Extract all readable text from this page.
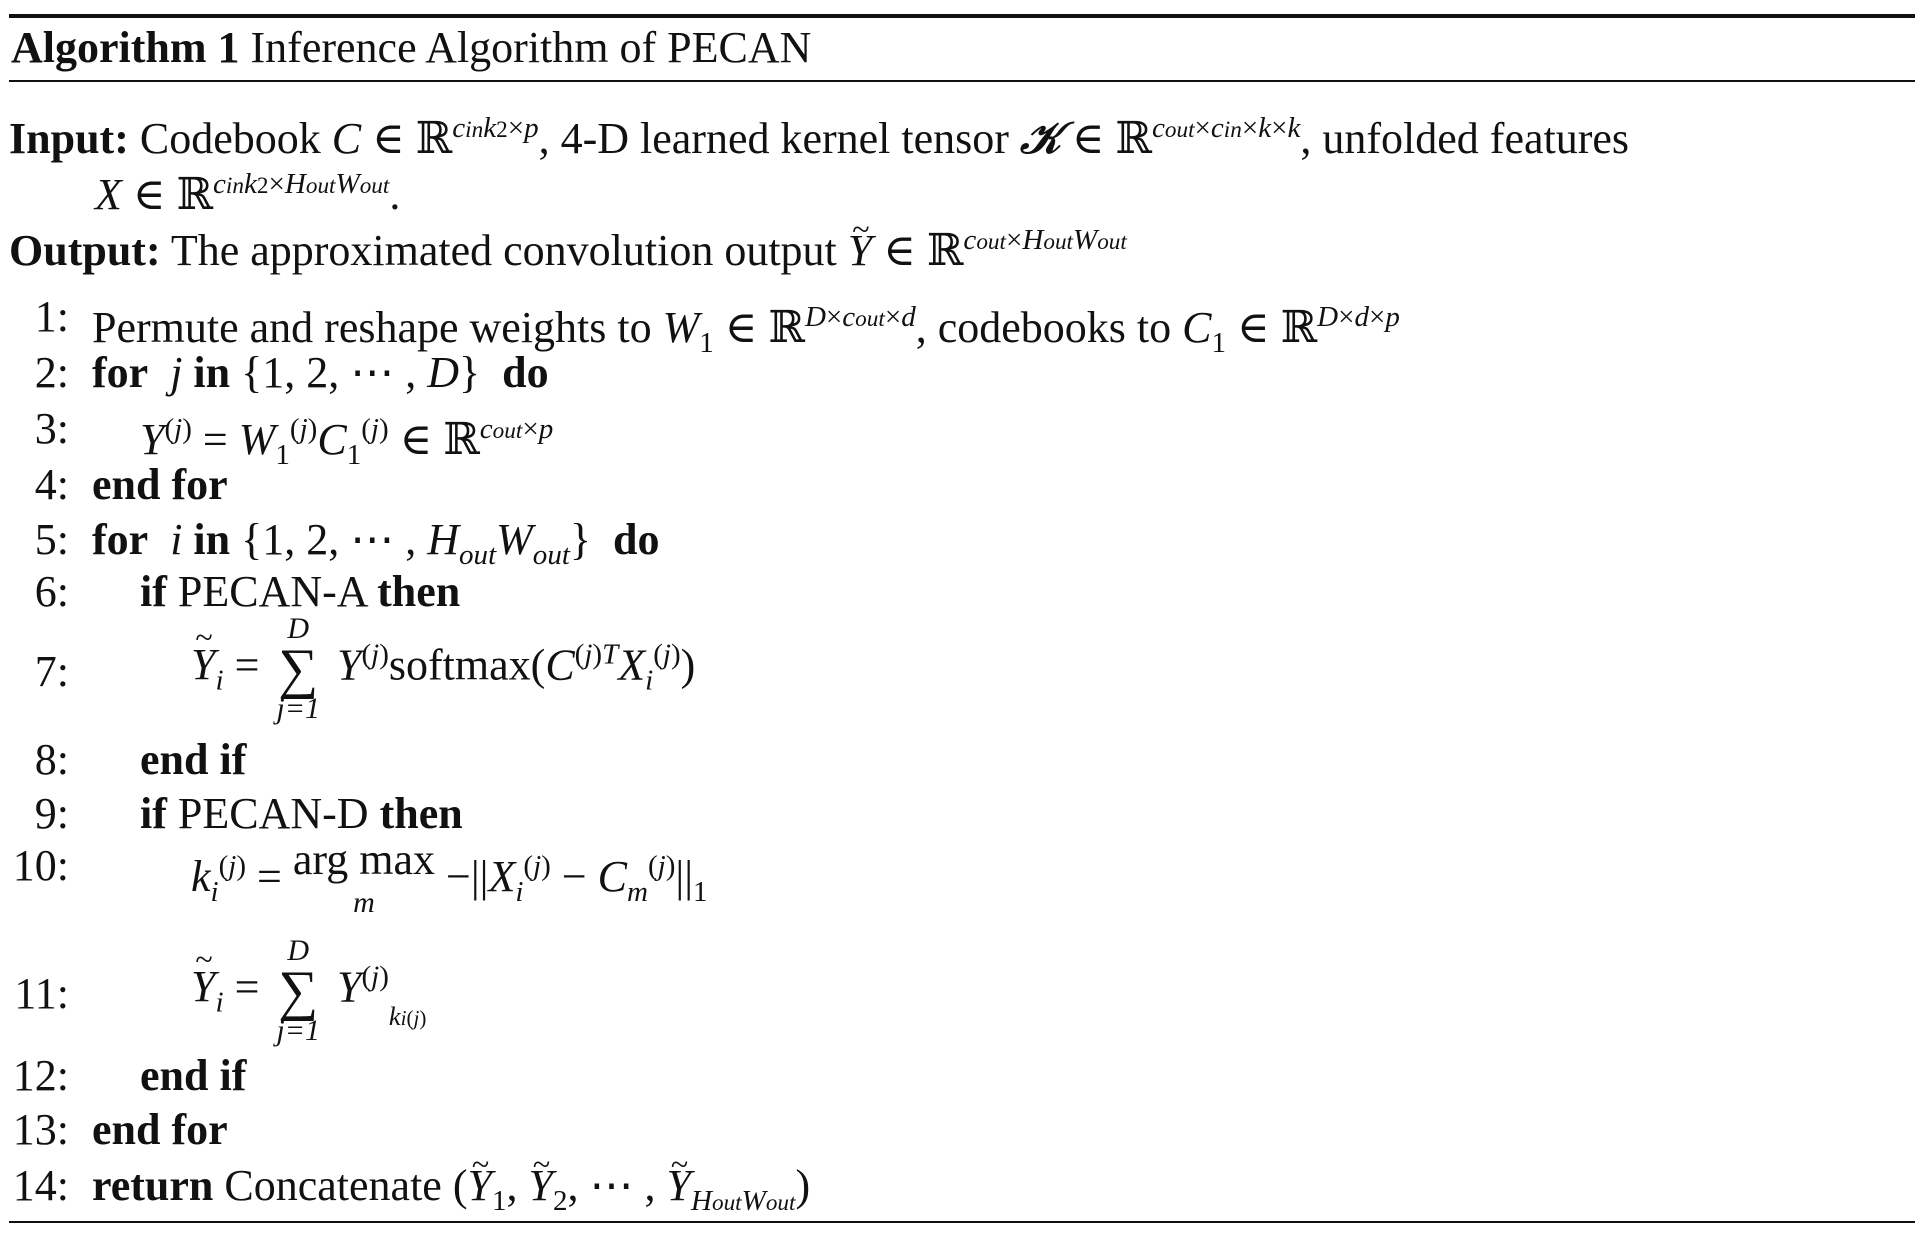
Algorithm 1 Inference Algorithm of PECAN
Input: Codebook C ∈ ℝ$^{cink2\times p}$, 4-D learned kernel tensor 𝒦 ∈ ℝ$^{cout\times cin\times k\times k}$, unfolded features
X ∈ ℝ$^{cink2\times HoutWout}$.
Output: The approximated convolution output ~ Y ∈ ℝ$^{cout\times HoutWout}$
1: Permute and reshape weights to $W_1$ ∈ ℝ$^{D\times cout\times d}$, codebooks to $C_1$ ∈ ℝ$^{D\times d\times p}$
2: for j in {1, 2, ⋯ , D}  do
3: $Y^{(j)} = W_1^{(j)}C_1^{(j)}$ ∈ ℝ$^{cout\times p}$
4: end for
5: for i in {1, 2, ⋯ , $H_{out}W_{out}$}  do
6: if PECAN-A then
7:	~ $Y_i$ =
D
∑
j=1
$Y^{(j)}softmax(C^{(j)T}X_i^{(j)})$
8: end if
9: if PECAN-D then
10:	$k_i^{(j)}$ = arg max
m
$-||X_i^{(j)} - C_m^{(j)}||_1$
11:	~ $Y_i$ =
D
∑
j=1
$Y^{(j)}_{ki(j)}$
12: end if
13: end for
14: return Concatenate (~ $Y_1$, ~ $Y_2$, ⋯ , ~ $Y_{HoutWout}$)
